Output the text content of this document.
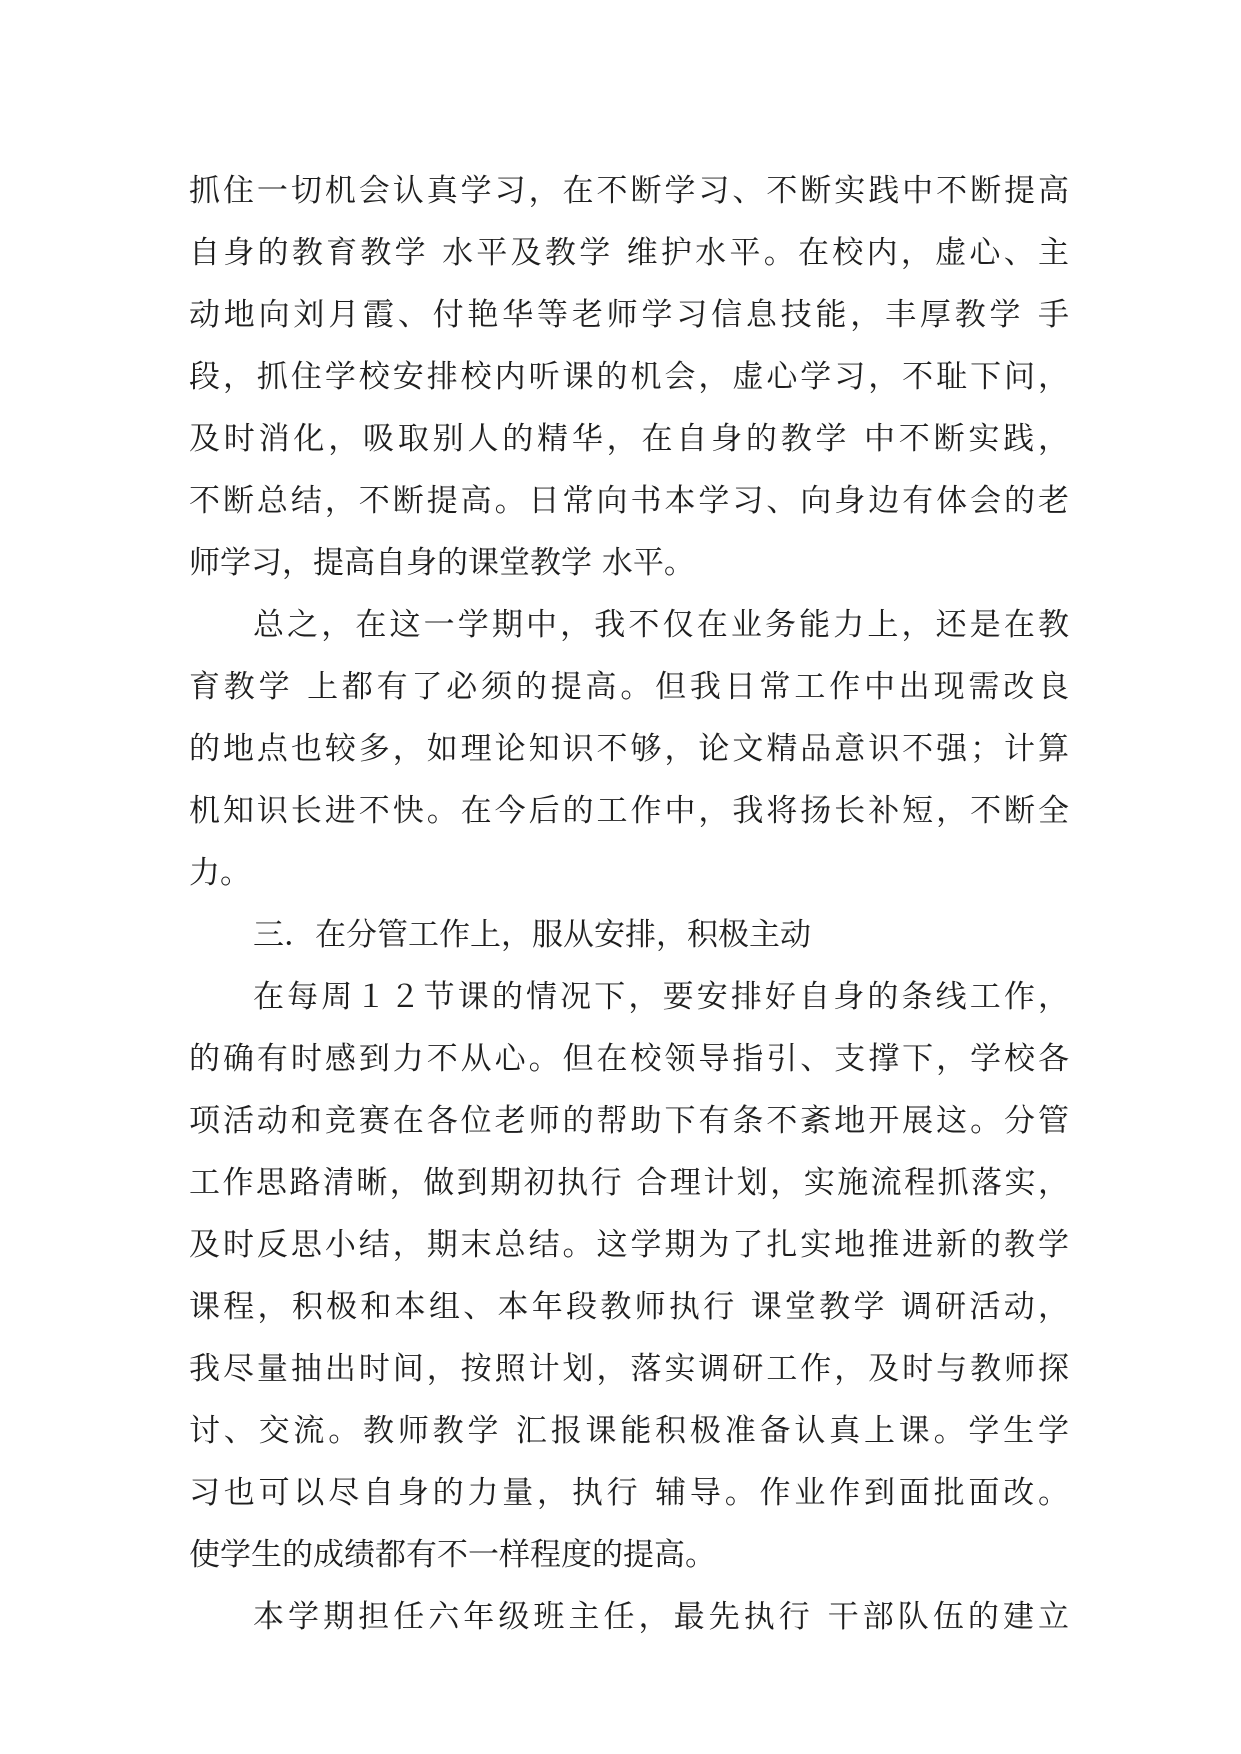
抓住一切机会认真学习，在不断学习、不断实践中不断提高
自身的教育教学 水平及教学 维护水平。在校内，虚心、主
动地向刘月霞、付艳华等老师学习信息技能，丰厚教学 手
段，抓住学校安排校内听课的机会，虚心学习，不耻下问，
及时消化，吸取别人的精华，在自身的教学 中不断实践，
不断总结，不断提高。日常向书本学习、向身边有体会的老
师学习，提高自身的课堂教学 水平。
总之，在这一学期中，我不仅在业务能力上，还是在教
育教学 上都有了必须的提高。但我日常工作中出现需改良
的地点也较多，如理论知识不够，论文精品意识不强；计算
机知识长进不快。在今后的工作中，我将扬长补短，不断全
力。
三．在分管工作上，服从安排，积极主动
在每周１２节课的情况下，要安排好自身的条线工作，
的确有时感到力不从心。但在校领导指引、支撑下，学校各
项活动和竞赛在各位老师的帮助下有条不紊地开展这。分管
工作思路清晰，做到期初执行 合理计划，实施流程抓落实，
及时反思小结，期末总结。这学期为了扎实地推进新的教学
课程，积极和本组、本年段教师执行 课堂教学 调研活动，
我尽量抽出时间，按照计划，落实调研工作，及时与教师探
讨、交流。教师教学 汇报课能积极准备认真上课。学生学
习也可以尽自身的力量，执行 辅导。作业作到面批面改。
使学生的成绩都有不一样程度的提高。
本学期担任六年级班主任，最先执行 干部队伍的建立
